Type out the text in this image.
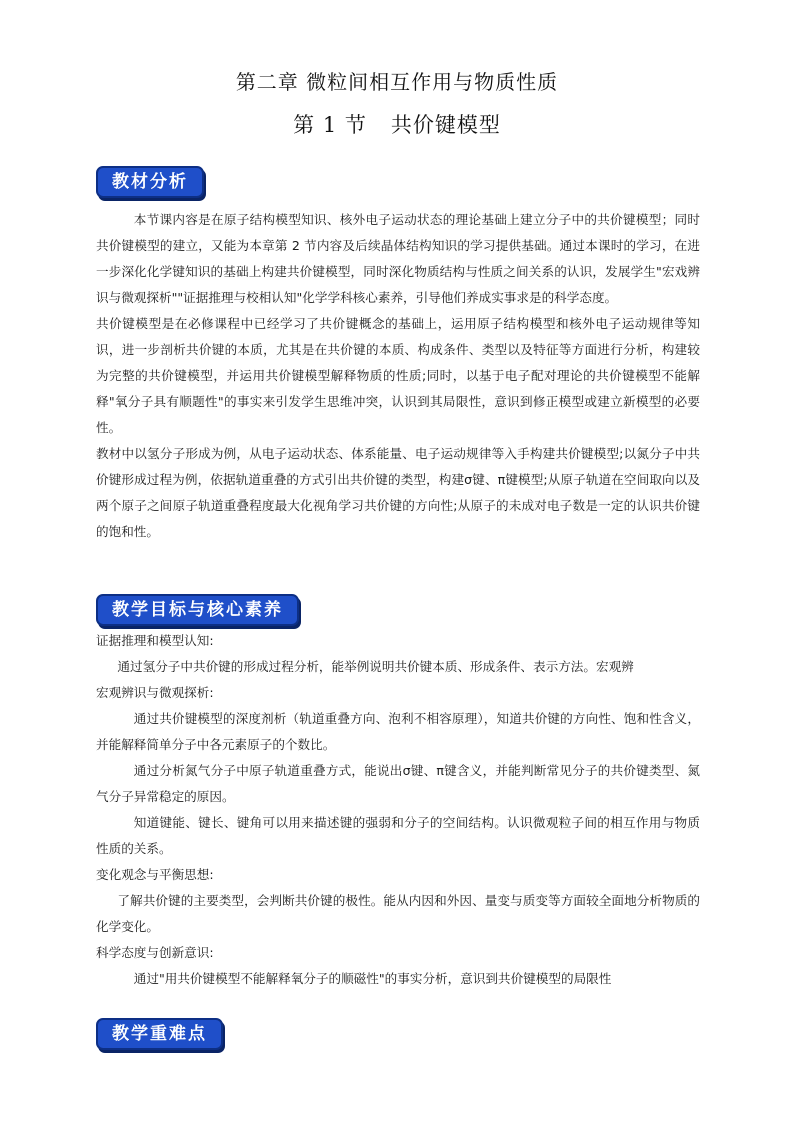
第二章 微粒间相互作用与物质性质
第 1 节 共价键模型
教材分析

本节课内容是在原子结构模型知识、核外电子运动状态的理论基础上建立分子中的共价键模型；同时共价键模型的建立，又能为本章第 2 节内容及后续晶体结构知识的学习提供基础。通过本课时的学习，在进一步深化化学键知识的基础上构建共价键模型，同时深化物质结构与性质之间关系的认识，发展学生"宏戏辨识与微观探析""证据推理与校相认知"化学学科核心素养，引导他们养成实事求是的科学态度。

共价键模型是在必修课程中已经学习了共价键概念的基础上，运用原子结构模型和核外电子运动规律等知识，进一步剖析共价键的本质，尤其是在共价键的本质、构成条件、类型以及特征等方面进行分析，构建较为完整的共价键模型，并运用共价键模型解释物质的性质;同时，以基于电子配对理论的共价键模型不能解释"氧分子具有顺题性"的事实来引发学生思维冲突，认识到其局限性，意识到修正模型或建立新模型的必要性。

教材中以氢分子形成为例，从电子运动状态、体系能量、电子运动规律等入手构建共价键模型;以氮分子中共价键形成过程为例，依据轨道重叠的方式引出共价键的类型，构建σ键、π键模型;从原子轨道在空间取向以及两个原子之间原子轨道重叠程度最大化视角学习共价键的方向性;从原子的未成对电子数是一定的认识共价键的饱和性。

教学目标与核心素养

证据推理和模型认知:

通过氢分子中共价键的形成过程分析，能举例说明共价键本质、形成条件、表示方法。宏观辨

宏观辨识与微观探析:

通过共价键模型的深度剂析（轨道重叠方向、泡利不相容原理），知道共价键的方向性、饱和性含义，并能解释简单分子中各元素原子的个数比。

通过分析氮气分子中原子轨道重叠方式，能说出σ键、π键含义，并能判断常见分子的共价键类型、氮气分子异常稳定的原因。

知道键能、键长、键角可以用来描述键的强弱和分子的空间结构。认识微观粒子间的相互作用与物质性质的关系。

变化观念与平衡思想:

了解共价键的主要类型，会判断共价键的极性。能从内因和外因、量变与质变等方面较全面地分析物质的化学变化。

科学态度与创新意识:

通过"用共价键模型不能解释氧分子的顺磁性"的事实分析，意识到共价键模型的局限性

教学重难点
